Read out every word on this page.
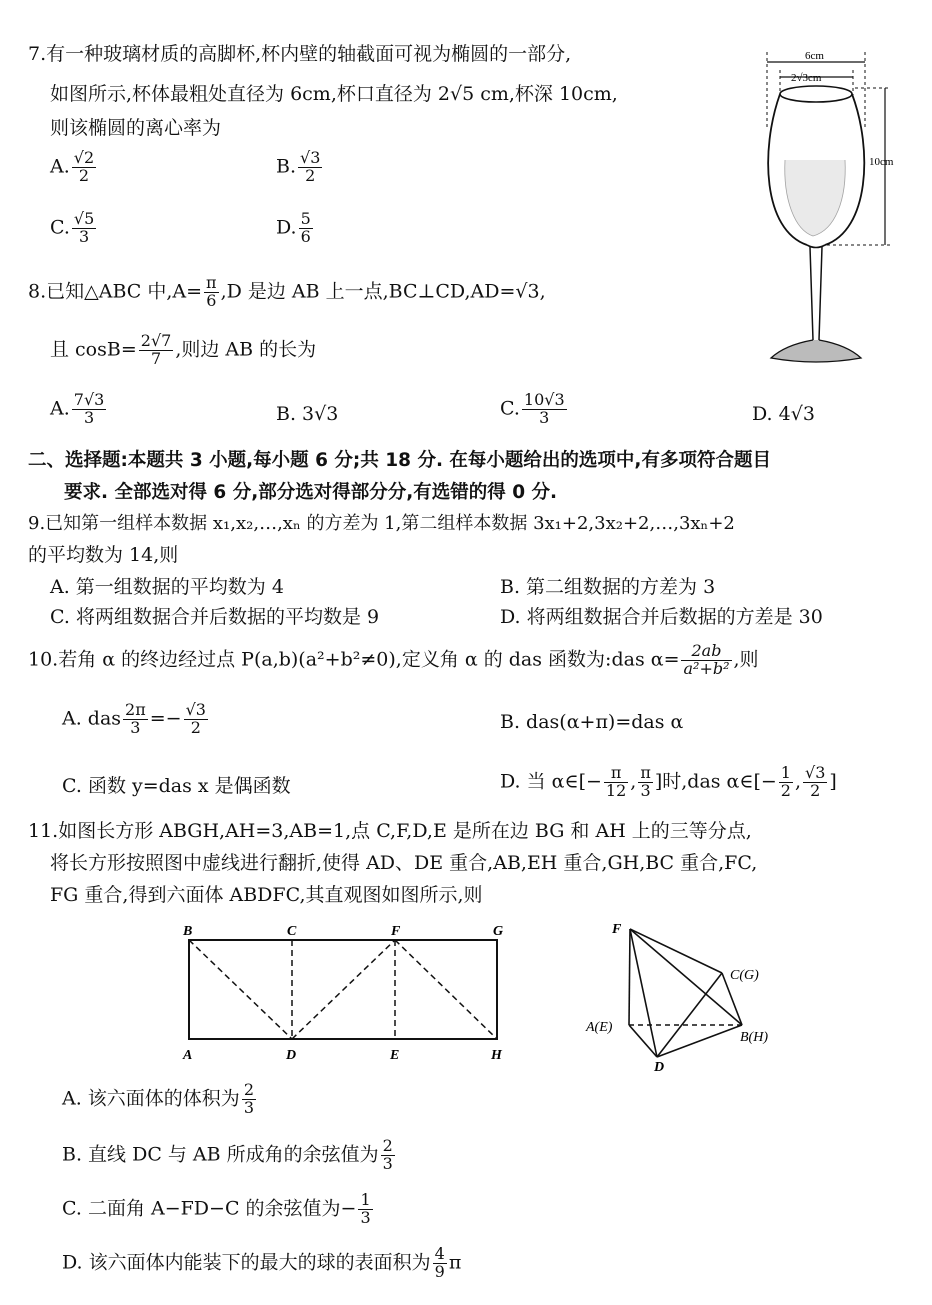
7.有一种玻璃材质的高脚杯,杯内壁的轴截面可视为椭圆的一部分,
如图所示,杯体最粗处直径为 6cm,杯口直径为 2√5 cm,杯深 10cm,
则该椭圆的离心率为
A. $\frac{√2}{2}$	B. $\frac{√3}{2}$
C. $\frac{√5}{3}$	D. $\frac{5}{6}$
6cm
2√3cm
10cm
8.已知△ABC 中$,A= \frac{\pi}{6} ,D$ 是边 AB 上一点,BC⊥CD,AD=√3,
且 $\cos B= \frac{2√7}{7}$ ,则边 AB 的长为
A. $\frac{7√3}{3}$	B. 3√3	C. $\frac{10√3}{3}$	D. 4√3
二、选择题:本题共 3 小题,每小题 6 分;共 18 分. 在每小题给出的选项中,有多项符合题目
要求. 全部选对得 6 分,部分选对得部分分,有选错的得 0 分.
9.已知第一组样本数据 x₁,x₂,…,xₙ 的方差为 1,第二组样本数据 3x₁+2,3x₂+2,…,3xₙ+2
的平均数为 14,则
A. 第一组数据的平均数为 4	B. 第二组数据的方差为 3
C. 将两组数据合并后数据的平均数是 9	D. 将两组数据合并后数据的方差是 30
10.若角 α 的终边经过点 P(a,b)(a²+b²≠0),定义角 α 的 das 函数为:das $\alpha= \frac{2ab}{\text{a²+b²}}$ ,则
A. das $\frac{2\pi}{3} =- \frac{√3}{2}$	B. das(α+π)=das α
C. 函数 y=das x 是偶函数	D. 当 α∈[− $\frac{\pi}{12}$ , $\frac{\pi}{3}$ ]时,das α∈[− $\frac{1}{2}$ , $\frac{√3}{2}$ ]
11.如图长方形 ABGH,AH=3,AB=1,点 C,F,D,E 是所在边 BG 和 AH 上的三等分点,
将长方形按照图中虚线进行翻折,使得 AD、DE 重合,AB,EH 重合,GH,BC 重合,FC,
FG 重合,得到六面体 ABDFC,其直观图如图所示,则
B	C	F	G
A	D	E	H
F
C(G)
A(E)
B(H)
D
A. 该六面体的体积为 $\frac{2}{3}$
B. 直线 DC 与 AB 所成角的余弦值为 $\frac{2}{3}$
C. 二面角 A−FD−C 的余弦值为− $\frac{1}{3}$
D. 该六面体内能装下的最大的球的表面积为 $\frac{4}{9}$ π
